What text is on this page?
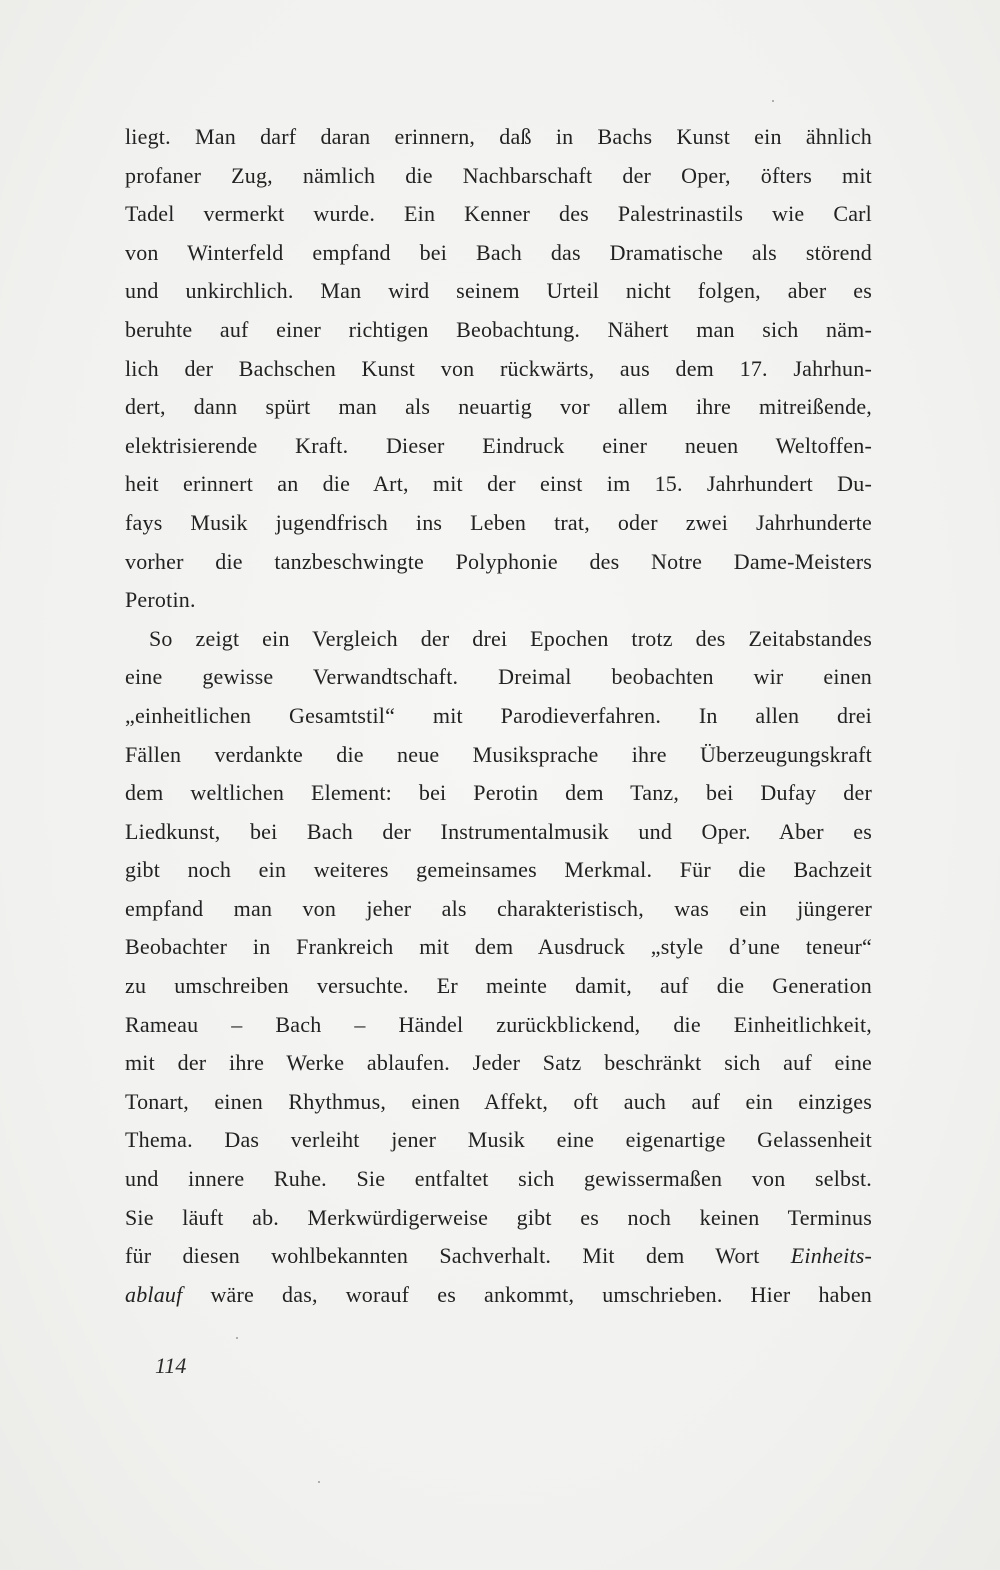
liegt. Man darf daran erinnern, daß in Bachs Kunst ein ähnlich
profaner Zug, nämlich die Nachbarschaft der Oper, öfters mit
Tadel vermerkt wurde. Ein Kenner des Palestrinastils wie Carl
von Winterfeld empfand bei Bach das Dramatische als störend
und unkirchlich. Man wird seinem Urteil nicht folgen, aber es
beruhte auf einer richtigen Beobachtung. Nähert man sich näm-
lich der Bachschen Kunst von rückwärts, aus dem 17. Jahrhun-
dert, dann spürt man als neuartig vor allem ihre mitreißende,
elektrisierende Kraft. Dieser Eindruck einer neuen Weltoffen-
heit erinnert an die Art, mit der einst im 15. Jahrhundert Du-
fays Musik jugendfrisch ins Leben trat, oder zwei Jahrhunderte
vorher die tanzbeschwingte Polyphonie des Notre Dame-Meisters
Perotin.
So zeigt ein Vergleich der drei Epochen trotz des Zeitabstandes
eine gewisse Verwandtschaft. Dreimal beobachten wir einen
„einheitlichen Gesamtstil“ mit Parodieverfahren. In allen drei
Fällen verdankte die neue Musiksprache ihre Überzeugungskraft
dem weltlichen Element: bei Perotin dem Tanz, bei Dufay der
Liedkunst, bei Bach der Instrumentalmusik und Oper. Aber es
gibt noch ein weiteres gemeinsames Merkmal. Für die Bachzeit
empfand man von jeher als charakteristisch, was ein jüngerer
Beobachter in Frankreich mit dem Ausdruck „style d’une teneur“
zu umschreiben versuchte. Er meinte damit, auf die Generation
Rameau – Bach – Händel zurückblickend, die Einheitlichkeit,
mit der ihre Werke ablaufen. Jeder Satz beschränkt sich auf eine
Tonart, einen Rhythmus, einen Affekt, oft auch auf ein einziges
Thema. Das verleiht jener Musik eine eigenartige Gelassenheit
und innere Ruhe. Sie entfaltet sich gewissermaßen von selbst.
Sie läuft ab. Merkwürdigerweise gibt es noch keinen Terminus
für diesen wohlbekannten Sachverhalt. Mit dem Wort Einheits-
ablauf wäre das, worauf es ankommt, umschrieben. Hier haben
114
